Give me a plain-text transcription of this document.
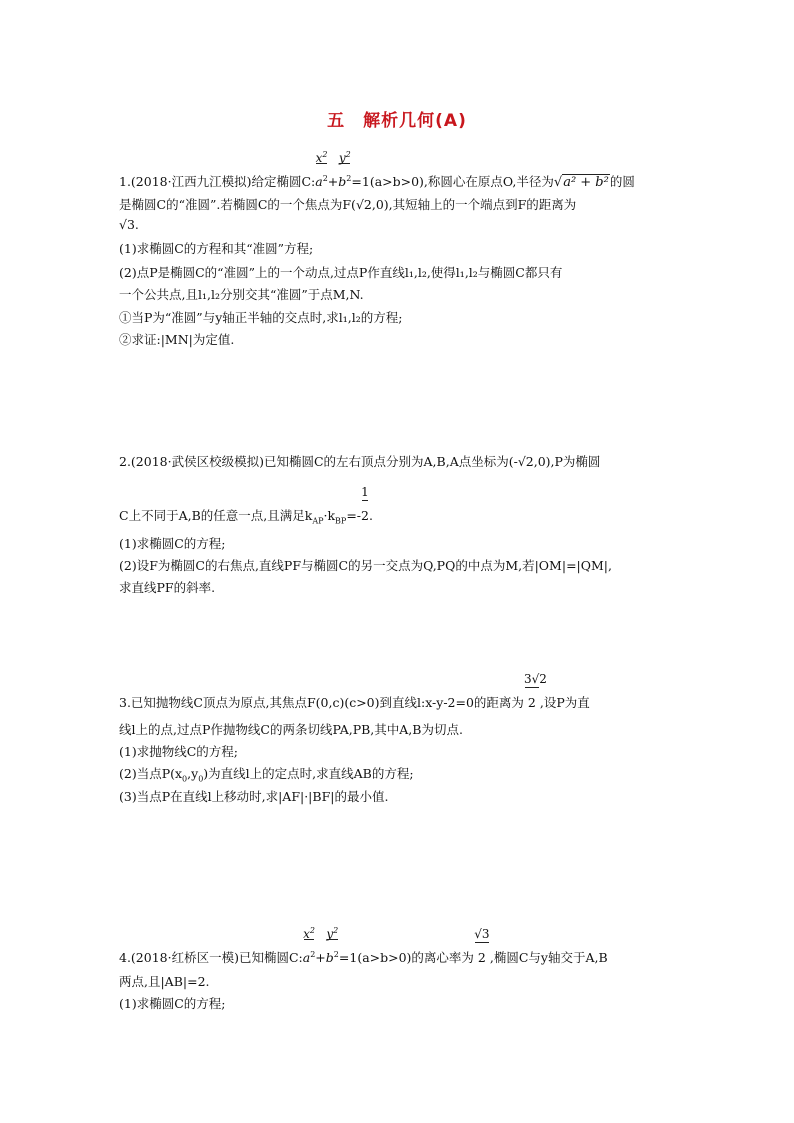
五　解析几何(A)
1.(2018·江西九江模拟)给定椭圆C:
$x^2$
$a^2+$
$y^2$
$b^2=1(a>b>0)$,称圆心在原点O,半径为√a² + b²的圆
是椭圆C的“准圆”.若椭圆C的一个焦点为F(√2,0),其短轴上的一个端点到F的距离为
√3.
(1)求椭圆C的方程和其“准圆”方程;
(2)点P是椭圆C的“准圆”上的一个动点,过点P作直线l₁,l₂,使得l₁,l₂与椭圆C都只有
一个公共点,且l₁,l₂分别交其“准圆”于点M,N.
①当P为“准圆”与y轴正半轴的交点时,求l₁,l₂的方程;
②求证:|MN|为定值.
2.(2018·武侯区校级模拟)已知椭圆C的左右顶点分别为A,B,A点坐标为(-√2,0),P为椭圆
C上不同于A,B的任意一点,且满足$k_{AP}\cdot k_{BP}=- \frac{1}{2}$.
(1)求椭圆C的方程;
(2)设F为椭圆C的右焦点,直线PF与椭圆C的另一交点为Q,PQ的中点为M,若|OM|=|QM|,
求直线PF的斜率.
3.已知抛物线C顶点为原点,其焦点F(0,c)(c>0)到直线l:x-y-2=0的距离为 $\frac{3√2}{2}$ ,设P为直
线l上的点,过点P作抛物线C的两条切线PA,PB,其中A,B为切点.
(1)求抛物线C的方程;
(2)当点$P(x_0,y_0)$为直线l上的定点时,求直线AB的方程;
(3)当点P在直线l上移动时,求|AF|·|BF|的最小值.
4.(2018·红桥区一模)已知椭圆C:
$x^2$
$a^2+$
$y^2$
$b^2=1(a>b>0)$的离心率为 $\frac{√3}{2}$ ,椭圆C与y轴交于A,B
两点,且|AB|=2.
(1)求椭圆C的方程;
